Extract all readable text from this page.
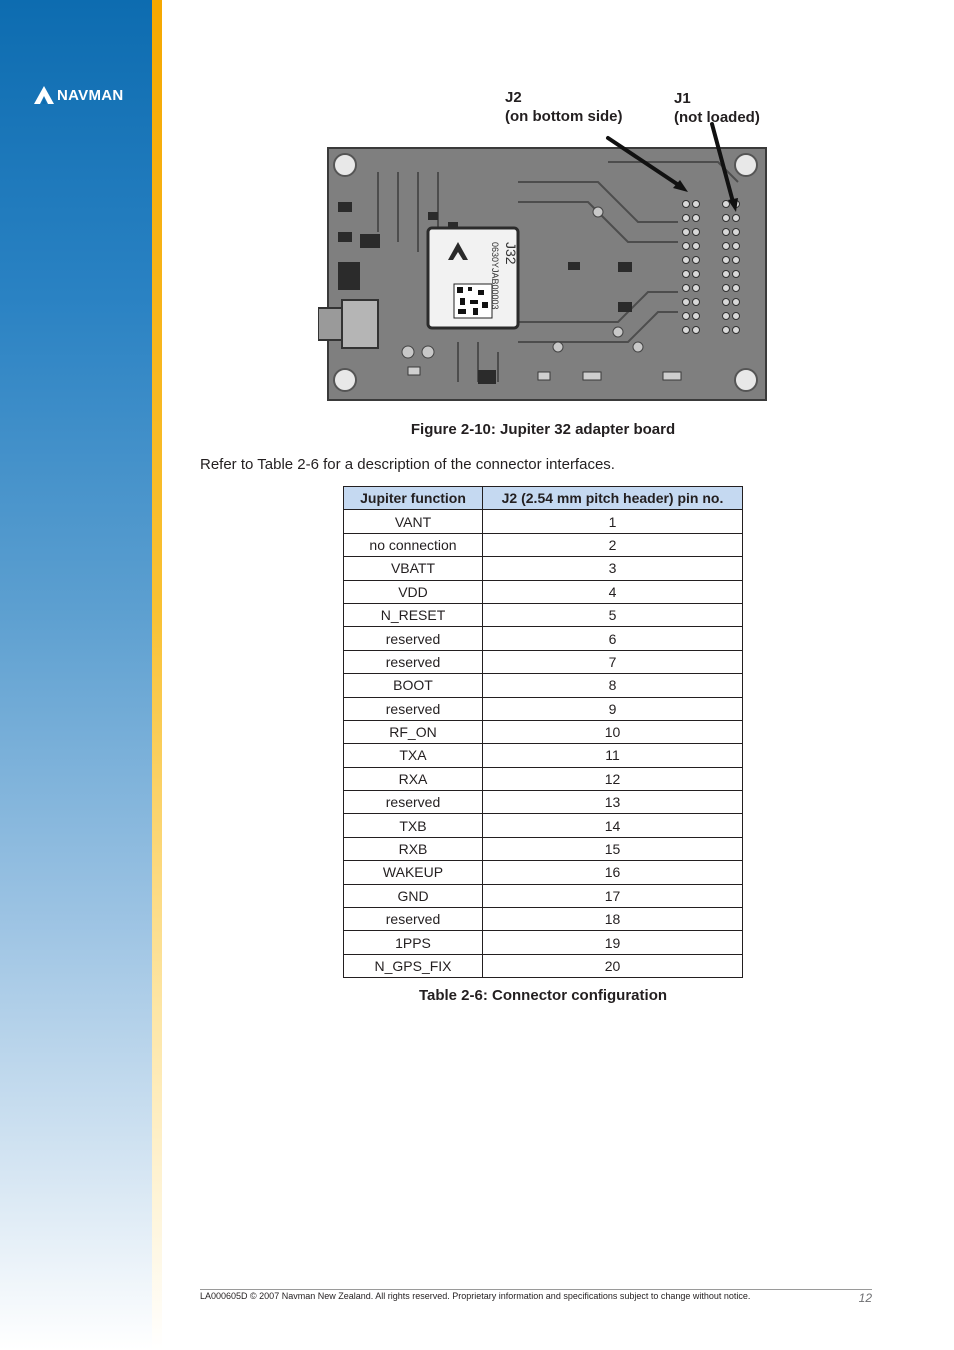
NAVMAN	J2
(on bottom side)
J1
(not loaded)
J32
0630YJAB00003
Figure 2-10: Jupiter 32 adapter board
Refer to Table 2-6 for a description of the connector interfaces.
Jupiter function	J2 (2.54 mm pitch header) pin no.
VANT	1
no connection	2
VBATT	3
VDD	4
N_RESET	5
reserved	6
reserved	7
BOOT	8
reserved	9
RF_ON	10
TXA	11
RXA	12
reserved	13
TXB	14
RXB	15
WAKEUP	16
GND	17
reserved	18
1PPS	19
N_GPS_FIX	20
Table 2-6: Connector configuration
LA000605D © 2007 Navman New Zealand. All rights reserved. Proprietary information and specifications subject to change without notice.	12
